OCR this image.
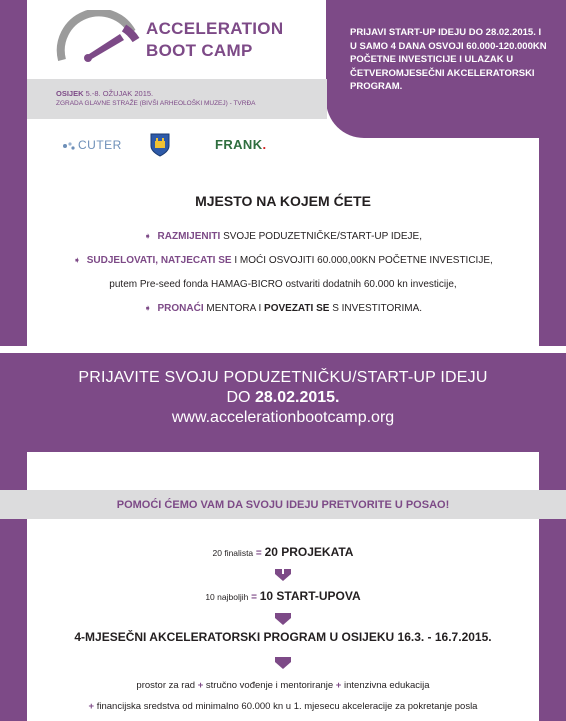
ACCELERATION
BOOT CAMP
PRIJAVI START-UP IDEJU DO 28.02.2015. I U SAMO 4 DANA OSVOJI 60.000-120.000KN POČETNE INVESTICIJE I ULAZAK U ČETVEROMJESEČNI AKCELERATORSKI PROGRAM.
OSIJEK 5.-8. OŽUJAK 2015.
ZGRADA GLAVNE STRAŽE (BIVŠI ARHEOLOŠKI MUZEJ) - TVRĐA
CUTER	FRANK.
MJESTO NA KOJEM ĆETE
➧ RAZMIJENITI SVOJE PODUZETNIČKE/START-UP IDEJE,
➧ SUDJELOVATI, NATJECATI SE I MOĆI OSVOJITI 60.000,00KN POČETNE INVESTICIJE,
putem Pre-seed fonda HAMAG-BICRO ostvariti dodatnih 60.000 kn investicije,
➧ PRONAĆI MENTORA I POVEZATI SE S INVESTITORIMA.
PRIJAVITE SVOJU PODUZETNIČKU/START-UP IDEJU
DO 28.02.2015.
www.accelerationbootcamp.org
POMOĆI ĆEMO VAM DA SVOJU IDEJU PRETVORITE U POSAO!
20 finalista = 20 PROJEKATA
10 najboljih = 10 START-UPOVA
4-MJESEČNI AKCELERATORSKI PROGRAM U OSIJEKU 16.3. - 16.7.2015.
prostor za rad + stručno vođenje i mentoriranje + intenzivna edukacija
+ financijska sredstva od minimalno 60.000 kn u 1. mjesecu akceleracije za pokretanje posla
